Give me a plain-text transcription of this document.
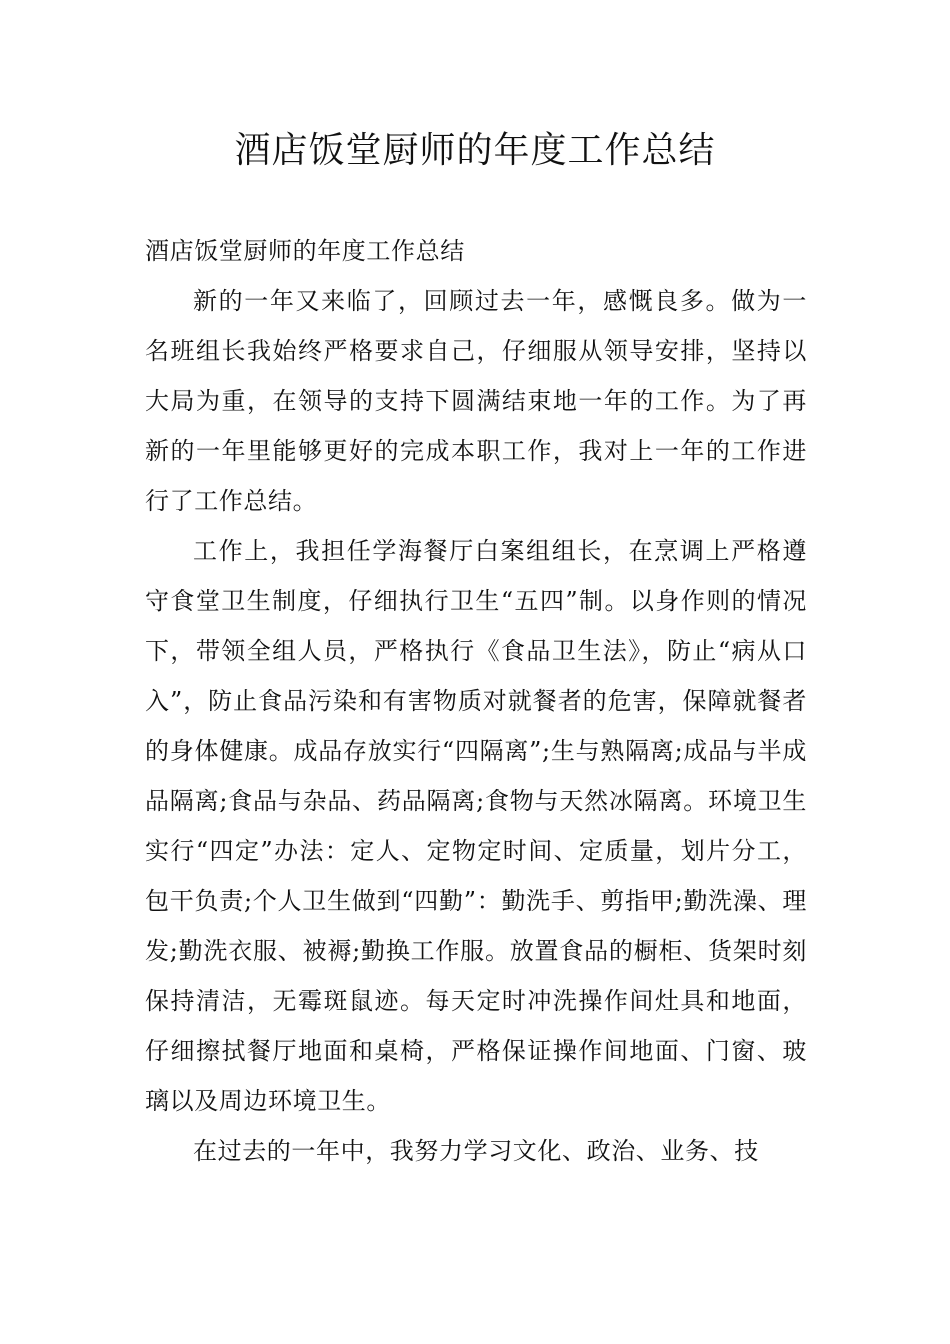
酒店饭堂厨师的年度工作总结

酒店饭堂厨师的年度工作总结

新的一年又来临了，回顾过去一年，感慨良多。做为一名班组长我始终严格要求自己，仔细服从领导安排，坚持以大局为重，在领导的支持下圆满结束地一年的工作。为了再新的一年里能够更好的完成本职工作，我对上一年的工作进行了工作总结。

工作上，我担任学海餐厅白案组组长，在烹调上严格遵守食堂卫生制度，仔细执行卫生“五四”制。以身作则的情况下，带领全组人员，严格执行《食品卫生法》，防止“病从口入”，防止食品污染和有害物质对就餐者的危害，保障就餐者的身体健康。成品存放实行“四隔离”;生与熟隔离;成品与半成品隔离;食品与杂品、药品隔离;食物与天然冰隔离。环境卫生实行“四定”办法：定人、定物定时间、定质量，划片分工，包干负责;个人卫生做到“四勤”：勤洗手、剪指甲;勤洗澡、理发;勤洗衣服、被褥;勤换工作服。放置食品的橱柜、货架时刻保持清洁，无霉斑鼠迹。每天定时冲洗操作间灶具和地面，仔细擦拭餐厅地面和桌椅，严格保证操作间地面、门窗、玻璃以及周边环境卫生。

在过去的一年中，我努力学习文化、政治、业务、技
